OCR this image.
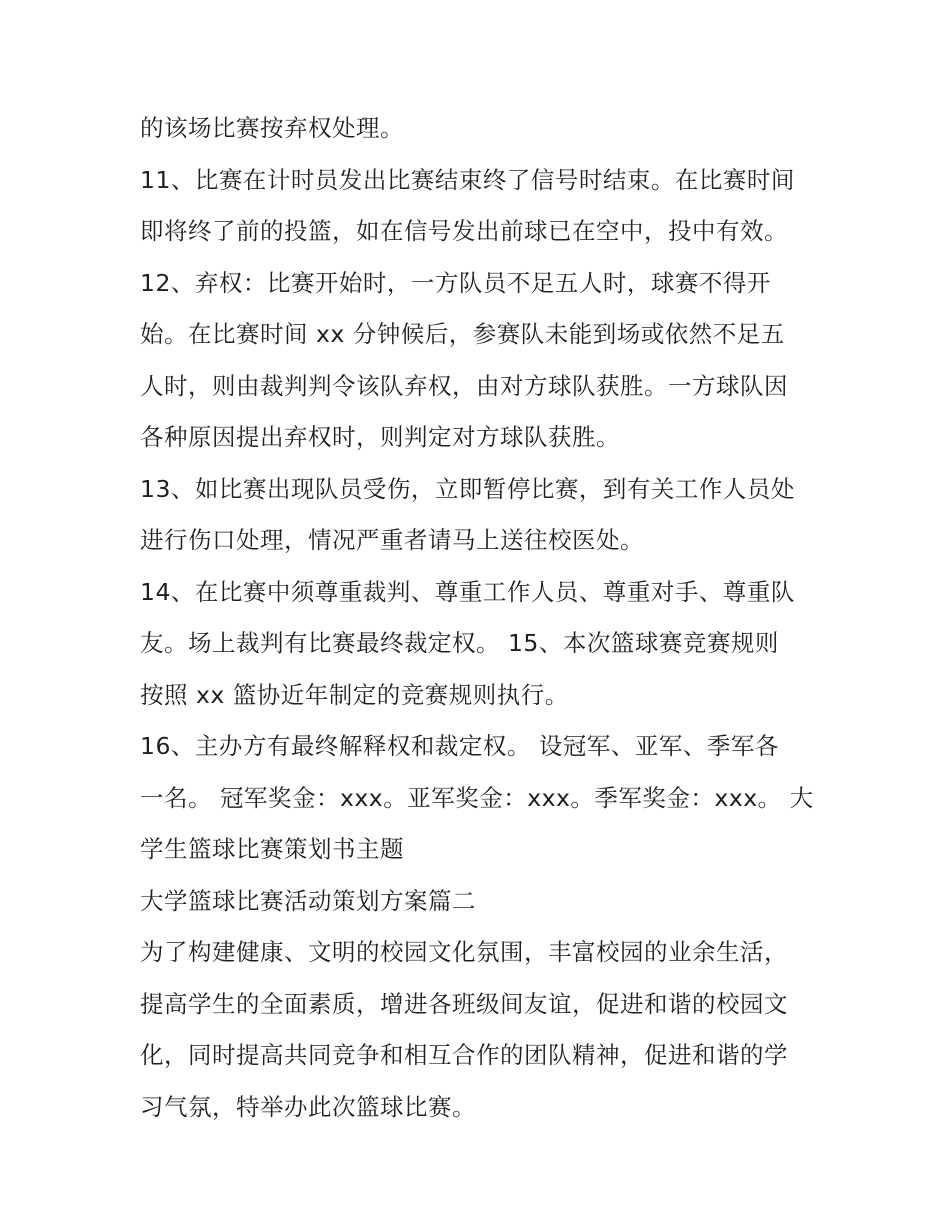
的该场比赛按弃权处理。
11、比赛在计时员发出比赛结束终了信号时结束。在比赛时间
即将终了前的投篮，如在信号发出前球已在空中，投中有效。
12、弃权：比赛开始时，一方队员不足五人时，球赛不得开
始。在比赛时间 xx 分钟候后，参赛队未能到场或依然不足五
人时，则由裁判判令该队弃权，由对方球队获胜。一方球队因
各种原因提出弃权时，则判定对方球队获胜。
13、如比赛出现队员受伤，立即暂停比赛，到有关工作人员处
进行伤口处理，情况严重者请马上送往校医处。
14、在比赛中须尊重裁判、尊重工作人员、尊重对手、尊重队
友。场上裁判有比赛最终裁定权。 15、本次篮球赛竞赛规则
按照 xx 篮协近年制定的竞赛规则执行。
16、主办方有最终解释权和裁定权。 设冠军、亚军、季军各
一名。 冠军奖金：xxx。亚军奖金：xxx。季军奖金：xxx。 大
学生篮球比赛策划书主题
大学篮球比赛活动策划方案篇二
为了构建健康、文明的校园文化氛围，丰富校园的业余生活，
提高学生的全面素质，增进各班级间友谊，促进和谐的校园文
化，同时提高共同竞争和相互合作的团队精神，促进和谐的学
习气氛，特举办此次篮球比赛。
